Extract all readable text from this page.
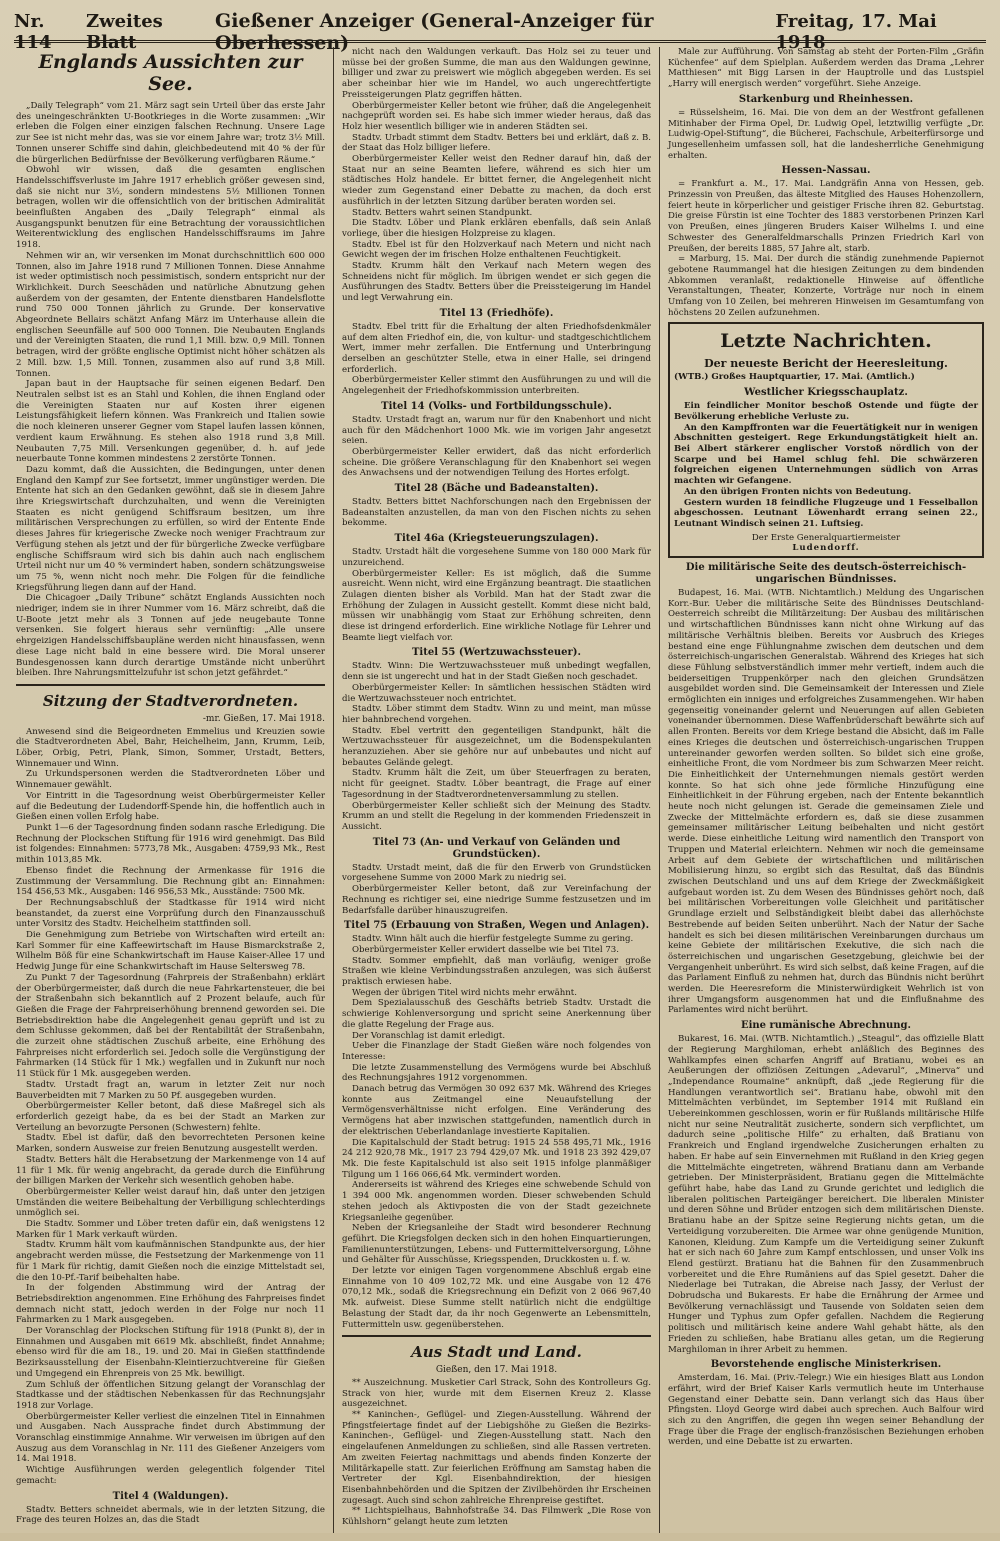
Nr. 114
Zweites Blatt
Gießener Anzeiger (General-Anzeiger für Oberhessen)
Freitag, 17. Mai 1918
Englands Aussichten zur See.

„Daily Telegraph“ vom 21. März sagt sein Urteil über das erste Jahr des uneingeschränkten U-Bootkrieges in die Worte zusammen: „Wir erleben die Folgen einer einzigen falschen Rechnung. Unsere Lage zur See ist nicht mehr das, was sie vor einem Jahre war; trotz 3½ Mill. Tonnen unserer Schiffe sind dahin, gleichbedeutend mit 40 % der für die bürgerlichen Bedürfnisse der Bevölkerung verfügbaren Räume.“

Obwohl wir wissen, daß die gesamten englischen Handelsschiffsverluste im Jahre 1917 erheblich größer gewesen sind, daß sie nicht nur 3½, sondern mindestens 5½ Millionen Tonnen betragen, wollen wir die offensichtlich von der britischen Admiralität beeinflußten Angaben des „Daily Telegraph“ einmal als Ausgangspunkt benutzen für eine Betrachtung der voraussichtlichen Weiterentwicklung des englischen Handelsschiffsraums im Jahre 1918.

Nehmen wir an, wir versenken im Monat durchschnittlich 600 000 Tonnen, also im Jahre 1918 rund 7 Millionen Tonnen. Diese Annahme ist weder optimistisch noch pessimistisch, sondern entspricht nur der Wirklichkeit. Durch Seeschäden und natürliche Abnutzung gehen außerdem von der gesamten, der Entente dienstbaren Handelsflotte rund 750 000 Tonnen jährlich zu Grunde. Der konservative Abgeordnete Bellairs schätzt Anfang März im Unterhause allein die englischen Seeunfälle auf 500 000 Tonnen. Die Neubauten Englands und der Vereinigten Staaten, die rund 1,1 Mill. bzw. 0,9 Mill. Tonnen betragen, wird der größte englische Optimist nicht höher schätzen als 2 Mill. bzw. 1,5 Mill. Tonnen, zusammen also auf rund 3,8 Mill. Tonnen.

Japan baut in der Hauptsache für seinen eigenen Bedarf. Den Neutralen selbst ist es an Stahl und Kohlen, die ihnen England oder die Vereinigten Staaten nur auf Kosten ihrer eigenen Leistungsfähigkeit liefern können. Was Frankreich und Italien sowie die noch kleineren unserer Gegner vom Stapel laufen lassen können, verdient kaum Erwähnung. Es stehen also 1918 rund 3,8 Mill. Neubauten 7,75 Mill. Versenkungen gegenüber, d. h. auf jede neuerbaute Tonne kommen mindestens 2 zerstörte Tonnen.

Dazu kommt, daß die Aussichten, die Bedingungen, unter denen England den Kampf zur See fortsetzt, immer ungünstiger werden. Die Entente hat sich an den Gedanken gewöhnt, daß sie in diesem Jahre ihre Kriegswirtschaft durchzuhalten, und wenn die Vereinigten Staaten es nicht genügend Schiffsraum besitzen, um ihre militärischen Versprechungen zu erfüllen, so wird der Entente Ende dieses Jahres für kriegerische Zwecke noch weniger Frachtraum zur Verfügung stehen als jetzt und der für bürgerliche Zwecke verfügbare englische Schiffsraum wird sich bis dahin auch nach englischem Urteil nicht nur um 40 % vermindert haben, sondern schätzungsweise um 75 %, wenn nicht noch mehr. Die Folgen für die feindliche Kriegsführung liegen dann auf der Hand.

Die Chicagoer „Daily Tribune“ schätzt Englands Aussichten noch niedriger, indem sie in ihrer Nummer vom 16. März schreibt, daß die U-Boote jetzt mehr als 3 Tonnen auf jede neugebaute Tonne versenken. Sie folgert hieraus sehr vernünftig: „Alle unsere ehrgeizigen Handelsschiffsbaupläne werden nicht hinausfassen, wenn diese Lage nicht bald in eine bessere wird. Die Moral unserer Bundesgenossen kann durch derartige Umstände nicht unberührt bleiben. Ihre Nahrungsmittelzufuhr ist schon jetzt gefährdet.“

Sitzung der Stadtverordneten.
-mr. Gießen, 17. Mai 1918.

Anwesend sind die Beigeordneten Emmelius und Kreuzien sowie die Stadtverordneten Abel, Bahr, Heichelheim, Jann, Krumm, Leib, Löber, Orbig, Petri, Plank, Simon, Sommer, Urstadt, Betters, Winnemauer und Winn.

Zu Urkundspersonen werden die Stadtverordneten Löber und Winnemauer gewählt.

Vor Eintritt in die Tagesordnung weist Oberbürgermeister Keller auf die Bedeutung der Ludendorff-Spende hin, die hoffentlich auch in Gießen einen vollen Erfolg habe.

Punkt 1—6 der Tagesordnung finden sodann rasche Erledigung. Die Rechnung der Plockschen Stiftung für 1916 wird genehmigt. Das Bild ist folgendes: Einnahmen: 5773,78 Mk., Ausgaben: 4759,93 Mk., Rest mithin 1013,85 Mk.

Ebenso findet die Rechnung der Armenkasse für 1916 die Zustimmung der Versammlung. Die Rechnung gibt an: Einnahmen: 154 456,53 Mk., Ausgaben: 146 956,53 Mk., Ausstände: 7500 Mk.

Der Rechnungsabschluß der Stadtkasse für 1914 wird nicht beanstandet, da zuerst eine Vorprüfung durch den Finanzausschuß unter Vorsitz des Stadtv. Heichelheim stattfinden soll.

Die Genehmigung zum Betriebe von Wirtschaften wird erteilt an: Karl Sommer für eine Kaffeewirtschaft im Hause Bismarckstraße 2, Wilhelm Böß für eine Schankwirtschaft im Hause Kaiser-Allee 17 und Hedwig Junge für eine Schankwirtschaft im Hause Seltersweg 78.

Zu Punkt 7 der Tagesordnung (Fahrpreis der Straßenbahn) erklärt der Oberbürgermeister, daß durch die neue Fahrkartensteuer, die bei der Straßenbahn sich bekanntlich auf 2 Prozent belaufe, auch für Gießen die Frage der Fahrpreiserhöhung brennend geworden sei. Die Betriebsdirektion habe die Angelegenheit genau geprüft und ist zu dem Schlusse gekommen, daß bei der Rentabilität der Straßenbahn, die zurzeit ohne städtischen Zuschuß arbeite, eine Erhöhung des Fahrpreises nicht erforderlich sei. Jedoch solle die Vergünstigung der Fahrmarken (14 Stück für 1 Mk.) wegfallen und in Zukunft nur noch 11 Stück für 1 Mk. ausgegeben werden.

Stadtv. Urstadt fragt an, warum in letzter Zeit nur noch Bauverbeidten mit 7 Marken zu 50 Pf. ausgegeben wurden.

Oberbürgermeister Keller betont, daß diese Maßregel sich als erforderlich gezeigt habe, da es bei der Stadt an Marken zur Verteilung an bevorzugte Personen (Schwestern) fehlte.

Stadtv. Ebel ist dafür, daß den bevorrechteten Personen keine Marken, sondern Ausweise zur freien Benutzung ausgestellt werden.

Stadtv. Betters hält die Herabsetzung der Markenmenge von 14 auf 11 für 1 Mk. für wenig angebracht, da gerade durch die Einführung der billigen Marken der Verkehr sich wesentlich gehoben habe.

Oberbürgermeister Keller weist darauf hin, daß unter den jetzigen Umständen die weitere Beibehaltung der Verbilligung schlechterdings unmöglich sei.

Die Stadtv. Sommer und Löber treten dafür ein, daß wenigstens 12 Marken für 1 Mark verkauft würden.

Stadtv. Krumm hält vom kaufmännischen Standpunkte aus, der hier angebracht werden müsse, die Festsetzung der Markenmenge von 11 für 1 Mark für richtig, damit Gießen noch die einzige Mittelstadt sei, die den 10-Pf.-Tarif beibehalten habe.

In der folgenden Abstimmung wird der Antrag der Betriebsdirektion angenommen. Eine Erhöhung des Fahrpreises findet demnach nicht statt, jedoch werden in der Folge nur noch 11 Fahrmarken zu 1 Mark ausgegeben.

Der Voranschlag der Plockschen Stiftung für 1918 (Punkt 8), der in Einnahmen und Ausgaben mit 6619 Mk. abschließt, findet Annahme; ebenso wird für die am 18., 19. und 20. Mai in Gießen stattfindende Bezirksausstellung der Eisenbahn-Kleintierzuchtvereine für Gießen und Umgegend ein Ehrenpreis von 25 Mk. bewilligt.

Zum Schluß der öffentlichen Sitzung gelangt der Voranschlag der Stadtkasse und der städtischen Nebenkassen für das Rechnungsjahr 1918 zur Vorlage.

Oberbürgermeister Keller verliest die einzelnen Titel in Einnahmen und Ausgaben. Nach Aussprache findet durch Abstimmung der Voranschlag einstimmige Annahme. Wir verweisen im übrigen auf den Auszug aus dem Voranschlag in Nr. 111 des Gießener Anzeigers vom 14. Mai 1918.

Wichtige Ausführungen werden gelegentlich folgender Titel gemacht:

Titel 4 (Waldungen).

Stadtv. Betters schneidet abermals, wie in der letzten Sitzung, die Frage des teuren Holzes an, das die Stadt

nicht nach den Waldungen verkauft. Das Holz sei zu teuer und müsse bei der großen Summe, die man aus den Waldungen gewinne, billiger und zwar zu preiswert wie möglich abgegeben werden. Es sei aber scheinbar hier wie im Handel, wo auch ungerechtfertigte Preissteigerungen Platz gegriffen hätten.

Oberbürgermeister Keller betont wie früher, daß die Angelegenheit nachgeprüft worden sei. Es habe sich immer wieder heraus, daß das Holz hier wesentlich billiger wie in anderen Städten sei.

Stadtv. Urbadt stimmt dem Stadtv. Betters bei und erklärt, daß z. B. der Staat das Holz billiger liefere.

Oberbürgermeister Keller weist den Redner darauf hin, daß der Staat nur an seine Beamten liefere, während es sich hier um städtisches Holz handele. Er bittet ferner, die Angelegenheit nicht wieder zum Gegenstand einer Debatte zu machen, da doch erst ausführlich in der letzten Sitzung darüber beraten worden sei.

Stadtv. Betters wahrt seinen Standpunkt.

Die Stadtv. Löber und Plank erklären ebenfalls, daß sein Anlaß vorliege, über die hiesigen Holzpreise zu klagen.

Stadtv. Ebel ist für den Holzverkauf nach Metern und nicht nach Gewicht wegen der im frischen Holze enthaltenen Feuchtigkeit.

Stadtv. Krumm hält den Verkauf nach Metern wegen des Schneidens nicht für möglich. Im übrigen wendet er sich gegen die Ausführungen des Stadtv. Betters über die Preissteigerung im Handel und legt Verwahrung ein.

Titel 13 (Friedhöfe).

Stadtv. Ebel tritt für die Erhaltung der alten Friedhofsdenkmäler auf dem alten Friedhof ein, die, von kultur- und stadtgeschichtlichem Wert, immer mehr zerfallen. Die Entfernung und Unterbringung derselben an geschützter Stelle, etwa in einer Halle, sei dringend erforderlich.

Oberbürgermeister Keller stimmt den Ausführungen zu und will die Angelegenheit der Friedhofskommission unterbreiten.

Titel 14 (Volks- und Fortbildungsschule).

Stadtv. Urstadt fragt an, warum nur für den Knabenhort und nicht auch für den Mädchenhort 1000 Mk. wie im vorigen Jahr angesetzt seien.

Oberbürgermeister Keller erwidert, daß das nicht erforderlich scheine. Die größere Veranschlagung für den Knabenhort sei wegen des Anwachsens und der notwendigen Teilung des Hortes erfolgt.

Titel 28 (Bäche und Badeanstalten).

Stadtv. Betters bittet Nachforschungen nach den Ergebnissen der Badeanstalten anzustellen, da man von den Fischen nichts zu sehen bekomme.

Titel 46a (Kriegsteuerungszulagen).

Stadtv. Urstadt hält die vorgesehene Summe von 180 000 Mark für unzureichend.

Oberbürgermeister Keller: Es ist möglich, daß die Summe ausreicht. Wenn nicht, wird eine Ergänzung beantragt. Die staatlichen Zulagen dienten bisher als Vorbild. Man hat der Stadt zwar die Erhöhung der Zulagen in Aussicht gestellt. Kommt diese nicht bald, müssen wir unabhängig vom Staat zur Erhöhung schreiten, denn diese ist dringend erforderlich. Eine wirkliche Notlage für Lehrer und Beamte liegt vielfach vor.

Titel 55 (Wertzuwachssteuer).

Stadtv. Winn: Die Wertzuwachssteuer muß unbedingt wegfallen, denn sie ist ungerecht und hat in der Stadt Gießen noch geschadet.

Oberbürgermeister Keller: In sämtlichen hessischen Städten wird die Wertzuwachssteuer noch entrichtet.

Stadtv. Löber stimmt dem Stadtv. Winn zu und meint, man müsse hier bahnbrechend vorgehen.

Stadtv. Ebel vertritt den gegenteiligen Standpunkt, hält die Wertzuwachssteuer für ausgezeichnet, um die Bodenspekulanten heranzuziehen. Aber sie gehöre nur auf unbebautes und nicht auf bebautes Gelände gelegt.

Stadtv. Krumm hält die Zeit, um über Steuerfragen zu beraten, nicht für geeignet. Stadtv. Löber beantragt, die Frage auf einer Tagesordnung in der Stadtverordnetenversammlung zu stellen.

Oberbürgermeister Keller schließt sich der Meinung des Stadtv. Krumm an und stellt die Regelung in der kommenden Friedenszeit in Aussicht.

Titel 73 (An- und Verkauf von Geländen und Grundstücken).

Stadtv. Urstadt meint, daß die für den Erwerb von Grundstücken vorgesehene Summe von 2000 Mark zu niedrig sei.

Oberbürgermeister Keller betont, daß zur Vereinfachung der Rechnung es richtiger sei, eine niedrige Summe festzusetzen und im Bedarfsfalle darüber hinauszugreifen.

Titel 75 (Erbauung von Straßen, Wegen und Anlagen).

Stadtv. Winn hält auch die hierfür festgelegte Summe zu gering.

Oberbürgermeister Keller erwidert dasselbe wie bei Titel 73.

Stadtv. Sommer empfiehlt, daß man vorläufig, weniger große Straßen wie kleine Verbindungsstraßen anzulegen, was sich äußerst praktisch erwiesen habe.

Wegen der übrigen Titel wird nichts mehr erwähnt.

Dem Spezialausschuß des Geschäfts betrieb Stadtv. Urstadt die schwierige Kohlenversorgung und spricht seine Anerkennung über die glatte Regelung der Frage aus.

Der Voranschlag ist damit erledigt.

Ueber die Finanzlage der Stadt Gießen wäre noch folgendes von Interesse:

Die letzte Zusammenstellung des Vermögens wurde bei Abschluß des Rechnungsjahres 1912 vorgenommen.

Danach betrug das Vermögen 30 092 637 Mk. Während des Krieges konnte aus Zeitmangel eine Neuaufstellung der Vermögensverhältnisse nicht erfolgen. Eine Veränderung des Vermögens hat aber inzwischen stattgefunden, namentlich durch in der elektrischen Ueberlandanlage investierte Kapitalien.

Die Kapitalschuld der Stadt betrug: 1915 24 558 495,71 Mk., 1916 24 212 920,78 Mk., 1917 23 794 429,07 Mk. und 1918 23 392 429,07 Mk. Die feste Kapitalschuld ist also seit 1915 infolge planmäßiger Tilgung um 1 166 066,64 Mk. vermindert worden.

Andererseits ist während des Krieges eine schwebende Schuld von 1 394 000 Mk. angenommen worden. Dieser schwebenden Schuld stehen jedoch als Aktivposten die von der Stadt gezeichnete Kriegsanleihe gegenüber.

Neben der Kriegsanleihe der Stadt wird besonderer Rechnung geführt. Die Kriegsfolgen decken sich in den hohen Einquartierungen, Familienunterstützungen, Lebens- und Futtermittelversorgung, Löhne und Gehälter für Ausschüsse, Kriegsspenden, Druckkosten u. f. w.

Der letzte vor einigen Tagen vorgenommene Abschluß ergab eine Einnahme von 10 409 102,72 Mk. und eine Ausgabe von 12 476 070,12 Mk., sodaß die Kriegsrechnung ein Defizit von 2 066 967,40 Mk. aufweist. Diese Summe stellt natürlich nicht die endgültige Belastung der Stadt dar, da ihr noch Gegenwerte an Lebensmitteln, Futtermitteln usw. gegenüberstehen.

Aus Stadt und Land.
Gießen, den 17. Mai 1918.

** Auszeichnung. Musketier Carl Strack, Sohn des Kontrolleurs Gg. Strack von hier, wurde mit dem Eisernen Kreuz 2. Klasse ausgezeichnet.

** Kaninchen-, Geflügel- und Ziegen-Ausstellung. Während der Pfingstfeiertage findet auf der Liebigshöhe zu Gießen die Bezirks-Kaninchen-, Geflügel- und Ziegen-Ausstellung statt. Nach den eingelaufenen Anmeldungen zu schließen, sind alle Rassen vertreten. Am zweiten Feiertag nachmittags und abends finden Konzerte der Militärkapelle statt. Zur feierlichen Eröffnung am Samstag haben die Vertreter der Kgl. Eisenbahndirektion, der hiesigen Eisenbahnbehörden und die Spitzen der Zivilbehörden ihr Erscheinen zugesagt. Auch sind schon zahlreiche Ehrenpreise gestiftet.

** Lichtspielhaus, Bahnhofstraße 34. Das Filmwerk „Die Rose von Kühlshorn“ gelangt heute zum letzten

Male zur Aufführung. Von Samstag ab steht der Porten-Film „Gräfin Küchenfee“ auf dem Spielplan. Außerdem werden das Drama „Lehrer Matthiesen“ mit Bigg Larsen in der Hauptrolle und das Lustspiel „Harry will energisch werden“ vorgeführt. Siehe Anzeige.

Starkenburg und Rheinhessen.

= Rüsselsheim, 16. Mai. Die von dem an der Westfront gefallenen Mitinhaber der Firma Opel, Dr. Ludwig Opel, letztwillig verfügte „Dr. Ludwig-Opel-Stiftung“, die Bücherei, Fachschule, Arbeiterfürsorge und Jungesellenheim umfassen soll, hat die landesherrliche Genehmigung erhalten.

Hessen-Nassau.

= Frankfurt a. M., 17. Mai. Landgräfin Anna von Hessen, geb. Prinzessin von Preußen, das älteste Mitglied des Hauses Hohenzollern, feiert heute in körperlicher und geistiger Frische ihren 82. Geburtstag. Die greise Fürstin ist eine Tochter des 1883 verstorbenen Prinzen Karl von Preußen, eines jüngeren Bruders Kaiser Wilhelms I. und eine Schwester des Generalfeldmarschalls Prinzen Friedrich Karl von Preußen, der bereits 1885, 57 Jahre alt, starb.

= Marburg, 15. Mai. Der durch die ständig zunehmende Papiernot gebotene Raummangel hat die hiesigen Zeitungen zu dem bindenden Abkommen veranlaßt, redaktionelle Hinweise auf öffentliche Veranstaltungen, Theater, Konzerte, Vorträge nur noch in einem Umfang von 10 Zeilen, bei mehreren Hinweisen im Gesamtumfang von höchstens 20 Zeilen aufzunehmen.

Letzte Nachrichten.
Der neueste Bericht der Heeresleitung.
(WTB.) Großes Hauptquartier, 17. Mai. (Amtlich.)
Westlicher Kriegsschauplatz.

Ein feindlicher Monitor beschoß Ostende und fügte der Bevölkerung erhebliche Verluste zu.

An den Kampffronten war die Feuertätigkeit nur in wenigen Abschnitten gesteigert. Rege Erkundungstätigkeit hielt an. Bei Albert stärkerer englischer Vorstoß nördlich von der Scarpe und bei Hamel schlug fehl. Die schwärzeren folgreichen eigenen Unternehmungen südlich von Arras machten wir Gefangene.

An den übrigen Fronten nichts von Bedeutung.

Gestern wurden 18 feindliche Flugzeuge und 1 Fesselballon abgeschossen. Leutnant Löwenhardt errang seinen 22., Leutnant Windisch seinen 21. Luftsieg.

Der Erste Generalquartiermeister
Ludendorff.
Die militärische Seite des deutsch-österreichisch-ungarischen Bündnisses.

Budapest, 16. Mai. (WTB. Nichtamtlich.) Meldung des Ungarischen Korr.-Bur. Ueber die militärische Seite des Bündnisses Deutschland-Oesterreich schreibt die Militärzeitung: Der Ausbau des militärischen und wirtschaftlichen Bündnisses kann nicht ohne Wirkung auf das militärische Verhältnis bleiben. Bereits vor Ausbruch des Krieges bestand eine enge Fühlungnahme zwischen dem deutschen und dem österreichisch-ungarischen Generalstab. Während des Krieges hat sich diese Fühlung selbstverständlich immer mehr vertieft, indem auch die beiderseitigen Truppenkörper nach den gleichen Grundsätzen ausgebildet worden sind. Die Gemeinsamkeit der Interessen und Ziele ermöglichten ein inniges und erfolgreiches Zusammengehen. Wir haben gegenseitig voneinander gelernt und Neuerungen auf allen Gebieten voneinander übernommen. Diese Waffenbrüderschaft bewährte sich auf allen Fronten. Bereits vor dem Kriege bestand die Absicht, daß im Falle eines Krieges die deutschen und österreichisch-ungarischen Truppen untereinander geworfen werden sollten. So bildet sich eine große, einheitliche Front, die vom Nordmeer bis zum Schwarzen Meer reicht. Die Einheitlichkeit der Unternehmungen niemals gestört werden konnte. So hat sich ohne jede förmliche Hinzufügung eine Einheitlichkeit in der Führung ergeben, nach der Entente bekanntlich heute noch nicht gelungen ist. Gerade die gemeinsamen Ziele und Zwecke der Mittelmächte erfordern es, daß sie diese zusammen gemeinsamer militärischer Leitung beibehalten und nicht gestört werde. Diese einheitliche Leitung wird namentlich den Transport von Truppen und Material erleichtern. Nehmen wir noch die gemeinsame Arbeit auf dem Gebiete der wirtschaftlichen und militärischen Mobilisierung hinzu, so ergibt sich das Resultat, daß das Bündnis zwischen Deutschland und uns auf dem Kriege der Zweckmäßigkeit aufgebaut worden ist. Zu dem Wesen des Bündnisses gehört noch, daß bei militärischen Vorbereitungen volle Gleichheit und paritätischer Grundlage erzielt und Selbständigkeit bleibt dabei das allerhöchste Bestrebende auf beiden Seiten unberührt. Nach der Natur der Sache handelt es sich bei diesen militärischen Vereinbarungen durchaus um keine Gebiete der militärischen Exekutive, die sich nach die österreichischen und ungarischen Gesetzgebung, gleichwie bei der Vergangenheit unberührt. Es wird sich selbst, daß keine Fragen, auf die das Parlament Einfluß zu nehmen hat, durch das Bündnis nicht berührt werden. Die Heeresreform die Ministerwürdigkeit Wehrlich ist von ihrer Umgangsform ausgenommen hat und die Einflußnahme des Parlamentes wird nicht berührt.

Eine rumänische Abrechnung.

Bukarest, 16. Mai. (WTB. Nichtamtlich.) „Steagul“, das offizielle Blatt der Regierung Marghiloman, erhebt anläßlich des Beginnes des Wahlkampfes einen scharfen Angriff auf Bratianu, wobei es an Aeußerungen der offiziösen Zeitungen „Adevarul“, „Minerva“ und „Independance Roumaine“ anknüpft, daß „jede Regierung für die Handlungen verantwortlich sei“. Bratianu habe, obwohl mit den Mittelmächten verbündet, im September 1914 mit Rußland ein Uebereinkommen geschlossen, worin er für Rußlands militärische Hilfe nicht nur seine Neutralität zusicherte, sondern sich verpflichtet, um dadurch seine „politische Hilfe“ zu erhalten, daß Bratianu von Frankreich und England irgendwelche Zusicherungen erhalten zu haben. Er habe auf sein Einvernehmen mit Rußland in den Krieg gegen die Mittelmächte eingetreten, während Bratianu dann am Verbande getrieben. Der Ministerpräsident, Bratianu gegen die Mittelmächte geführt habe, habe das Land zu Grunde gerichtet und lediglich die liberalen politischen Parteigänger bereichert. Die liberalen Minister und deren Söhne und Brüder entzogen sich dem militärischen Dienste. Bratianu habe an der Spitze seine Regierung nichts getan, um die Verteidigung vorzubereiten. Die Armee war ohne genügende Munition, Kanonen, Kleidung. Zum Kampfe um die Verteidigung seiner Zukunft hat er sich nach 60 Jahre zum Kampf entschlossen, und unser Volk ins Elend gestürzt. Bratianu hat die Bahnen für den Zusammenbruch vorbereitet und die Ehre Rumäniens auf das Spiel gesetzt. Daher die Niederlage bei Tutrakan, die Abreise nach Jassy, der Verlust der Dobrudscha und Bukarests. Er habe die Ernährung der Armee und Bevölkerung vernachlässigt und Tausende von Soldaten seien dem Hunger und Typhus zum Opfer gefallen. Nachdem die Regierung politisch und militärisch keine andere Wahl gehabt hätte, als den Frieden zu schließen, habe Bratianu alles getan, um die Regierung Marghiloman in ihrer Arbeit zu hemmen.

Bevorstehende englische Ministerkrisen.

Amsterdam, 16. Mai. (Priv.-Telegr.) Wie ein hiesiges Blatt aus London erfährt, wird der Brief Kaiser Karls vermutlich heute im Unterhause Gegenstand einer Debatte sein. Dann verlangt sich das Haus über Pfingsten. Lloyd George wird dabei auch sprechen. Auch Balfour wird sich zu den Angriffen, die gegen ihn wegen seiner Behandlung der Frage über die Frage der englisch-französischen Beziehungen erhoben werden, und eine Debatte ist zu erwarten.
